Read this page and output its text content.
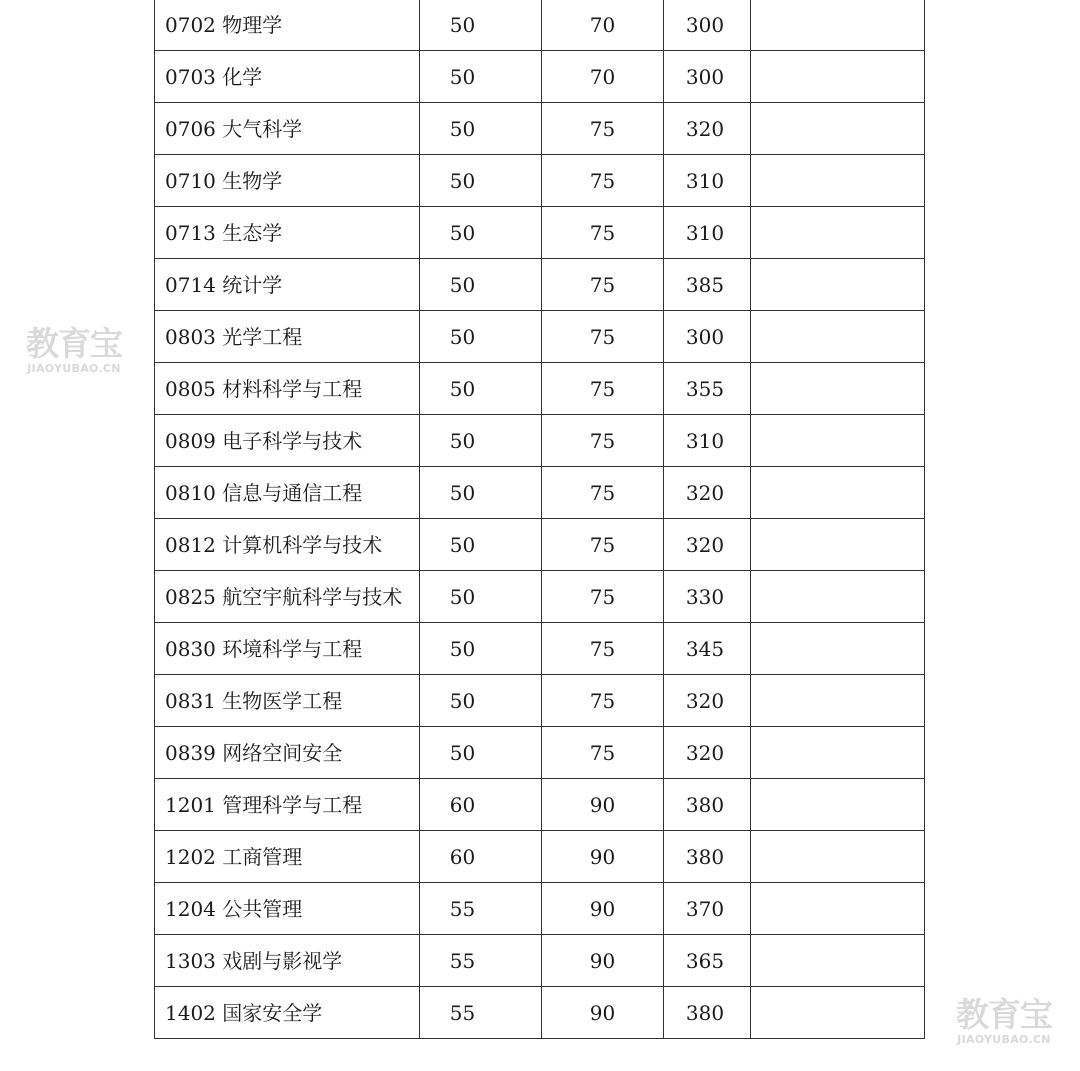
教育宝
JIAOYUBAO.CN
0702 物理学	50	70	300	
0703 化学	50	70	300	
0706 大气科学	50	75	320	
0710 生物学	50	75	310	
0713 生态学	50	75	310	
0714 统计学	50	75	385	
0803 光学工程	50	75	300	
0805 材料科学与工程	50	75	355	
0809 电子科学与技术	50	75	310	
0810 信息与通信工程	50	75	320	
0812 计算机科学与技术	50	75	320	
0825 航空宇航科学与技术	50	75	330	
0830 环境科学与工程	50	75	345	
0831 生物医学工程	50	75	320	
0839 网络空间安全	50	75	320	
1201 管理科学与工程	60	90	380	
1202 工商管理	60	90	380	
1204 公共管理	55	90	370	
1303 戏剧与影视学	55	90	365	
1402 国家安全学	55	90	380		教育宝
JIAOYUBAO.CN
